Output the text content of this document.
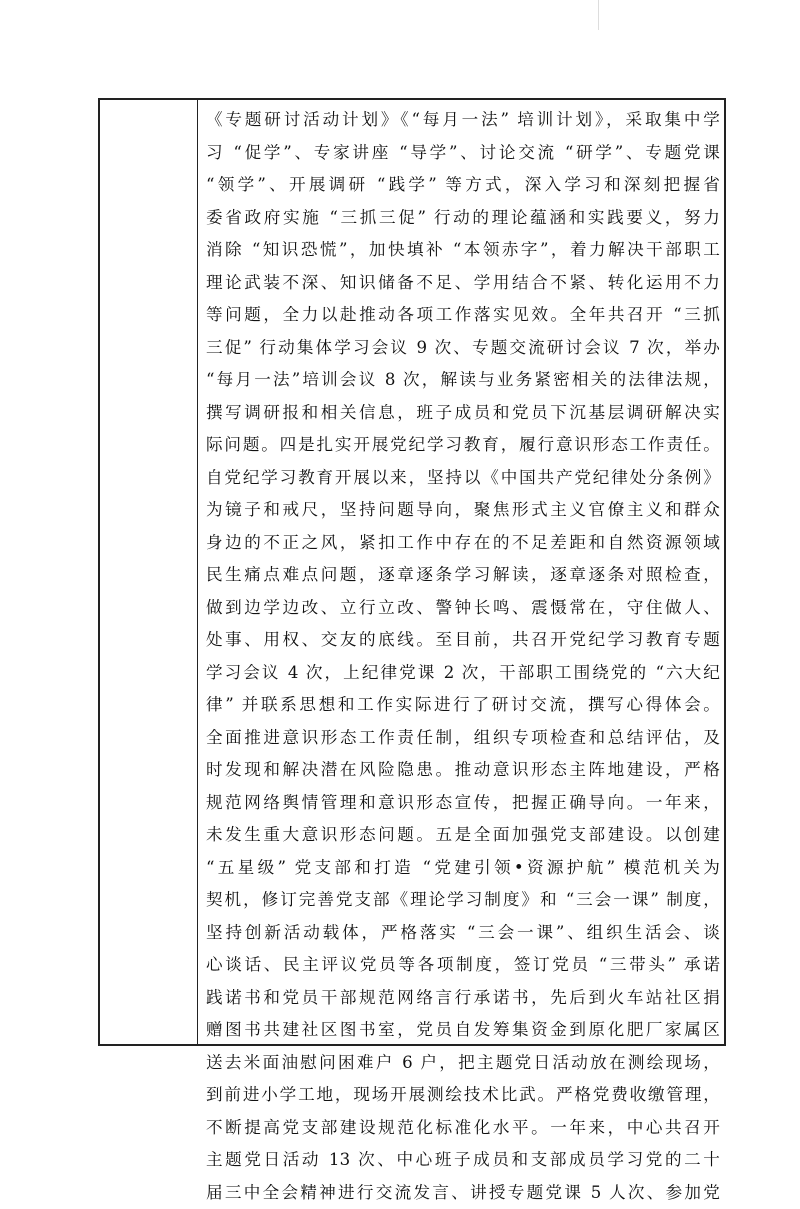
《专题研讨活动计划》《“每月一法” 培训计划》，采取集中学
习 “促学”、专家讲座 “导学”、讨论交流 “研学”、专题党课
“领学”、开展调研 “践学” 等方式，深入学习和深刻把握省
委省政府实施 “三抓三促” 行动的理论蕴涵和实践要义，努力
消除 “知识恐慌”，加快填补 “本领赤字”，着力解决干部职工
理论武装不深、知识储备不足、学用结合不紧、转化运用不力
等问题，全力以赴推动各项工作落实见效。全年共召开 “三抓
三促” 行动集体学习会议 9 次、专题交流研讨会议 7 次，举办
“每月一法”培训会议 8 次，解读与业务紧密相关的法律法规，
撰写调研报和相关信息，班子成员和党员下沉基层调研解决实
际问题。四是扎实开展党纪学习教育，履行意识形态工作责任。
自党纪学习教育开展以来，坚持以《中国共产党纪律处分条例》
为镜子和戒尺，坚持问题导向，聚焦形式主义官僚主义和群众
身边的不正之风，紧扣工作中存在的不足差距和自然资源领域
民生痛点难点问题，逐章逐条学习解读，逐章逐条对照检查，
做到边学边改、立行立改、警钟长鸣、震慑常在，守住做人、
处事、用权、交友的底线。至目前，共召开党纪学习教育专题
学习会议 4 次，上纪律党课 2 次，干部职工围绕党的 “六大纪
律” 并联系思想和工作实际进行了研讨交流，撰写心得体会。
全面推进意识形态工作责任制，组织专项检查和总结评估，及
时发现和解决潜在风险隐患。推动意识形态主阵地建设，严格
规范网络舆情管理和意识形态宣传，把握正确导向。一年来，
未发生重大意识形态问题。五是全面加强党支部建设。以创建
“五星级” 党支部和打造 “党建引领•资源护航” 模范机关为
契机，修订完善党支部《理论学习制度》和 “三会一课” 制度，
坚持创新活动载体，严格落实 “三会一课”、组织生活会、谈
心谈话、民主评议党员等各项制度，签订党员 “三带头” 承诺
践诺书和党员干部规范网络言行承诺书，先后到火车站社区捐
赠图书共建社区图书室，党员自发筹集资金到原化肥厂家属区
送去米面油慰问困难户 6 户，把主题党日活动放在测绘现场，
到前进小学工地，现场开展测绘技术比武。严格党费收缴管理，
不断提高党支部建设规范化标准化水平。一年来，中心共召开
主题党日活动 13 次、中心班子成员和支部成员学习党的二十
届三中全会精神进行交流发言、讲授专题党课 5 人次、参加党
